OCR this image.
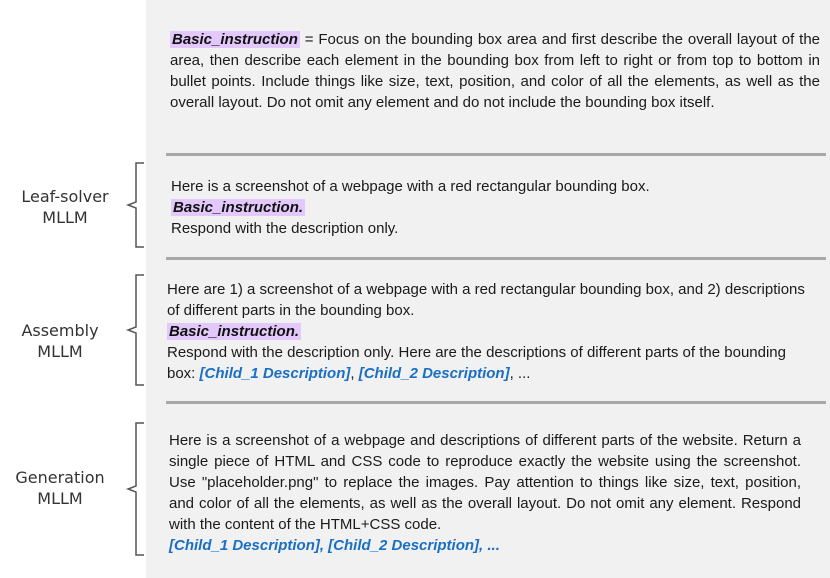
Basic_instruction = Focus on the bounding box area and first describe the overall layout of the area, then describe each element in the bounding box from left to right or from top to bottom in bullet points. Include things like size, text, position, and color of all the elements, as well as the overall layout. Do not omit any element and do not include the bounding box itself.
Leaf-solver
MLLM
Here is a screenshot of a webpage with a red rectangular bounding box.
Basic_instruction.
Respond with the description only.
Assembly
MLLM
Here are 1) a screenshot of a webpage with a red rectangular bounding box, and 2) descriptions of different parts in the bounding box.
Basic_instruction.
Respond with the description only. Here are the descriptions of different parts of the bounding box: [Child_1 Description], [Child_2 Description], ...
Generation
MLLM
Here is a screenshot of a webpage and descriptions of different parts of the website. Return a single piece of HTML and CSS code to reproduce exactly the website using the screenshot. Use "placeholder.png" to replace the images. Pay attention to things like size, text, position, and color of all the elements, as well as the overall layout. Do not omit any element. Respond with the content of the HTML+CSS code.
[Child_1 Description], [Child_2 Description], ...
